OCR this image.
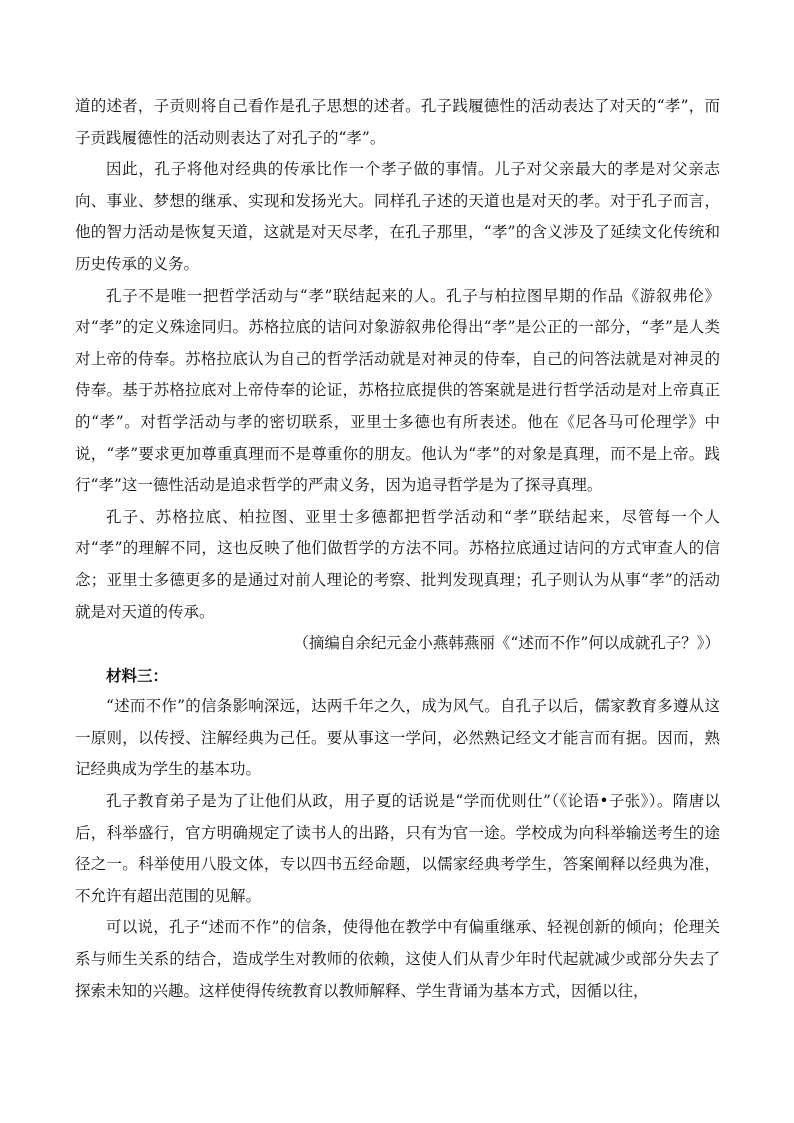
道的述者，子贡则将自己看作是孔子思想的述者。孔子践履德性的活动表达了对天的“孝”，而子贡践履德性的活动则表达了对孔子的“孝”。

因此，孔子将他对经典的传承比作一个孝子做的事情。儿子对父亲最大的孝是对父亲志向、事业、梦想的继承、实现和发扬光大。同样孔子述的天道也是对天的孝。对于孔子而言，他的智力活动是恢复天道，这就是对天尽孝，在孔子那里，“孝”的含义涉及了延续文化传统和历史传承的义务。

孔子不是唯一把哲学活动与“孝”联结起来的人。孔子与柏拉图早期的作品《游叙弗伦》对“孝”的定义殊途同归。苏格拉底的诘问对象游叙弗伦得出“孝”是公正的一部分，“孝”是人类对上帝的侍奉。苏格拉底认为自己的哲学活动就是对神灵的侍奉，自己的问答法就是对神灵的侍奉。基于苏格拉底对上帝侍奉的论证，苏格拉底提供的答案就是进行哲学活动是对上帝真正的“孝”。对哲学活动与孝的密切联系，亚里士多德也有所表述。他在《尼各马可伦理学》中说，“孝”要求更加尊重真理而不是尊重你的朋友。他认为“孝”的对象是真理，而不是上帝。践行“孝”这一德性活动是追求哲学的严肃义务，因为追寻哲学是为了探寻真理。

孔子、苏格拉底、柏拉图、亚里士多德都把哲学活动和“孝”联结起来，尽管每一个人对“孝”的理解不同，这也反映了他们做哲学的方法不同。苏格拉底通过诘问的方式审查人的信念；亚里士多德更多的是通过对前人理论的考察、批判发现真理；孔子则认为从事“孝”的活动就是对天道的传承。

（摘编自余纪元金小燕韩燕丽《“述而不作”何以成就孔子？》）

材料三：

“述而不作”的信条影响深远，达两千年之久，成为风气。自孔子以后，儒家教育多遵从这一原则，以传授、注解经典为己任。要从事这一学问，必然熟记经文才能言而有据。因而，熟记经典成为学生的基本功。

孔子教育弟子是为了让他们从政，用子夏的话说是“学而优则仕”（《论语•子张》）。隋唐以后，科举盛行，官方明确规定了读书人的出路，只有为官一途。学校成为向科举输送考生的途径之一。科举使用八股文体，专以四书五经命题，以儒家经典考学生，答案阐释以经典为准，不允许有超出范围的见解。

可以说，孔子“述而不作”的信条，使得他在教学中有偏重继承、轻视创新的倾向；伦理关系与师生关系的结合，造成学生对教师的依赖，这使人们从青少年时代起就减少或部分失去了探索未知的兴趣。这样使得传统教育以教师解释、学生背诵为基本方式，因循以往，
